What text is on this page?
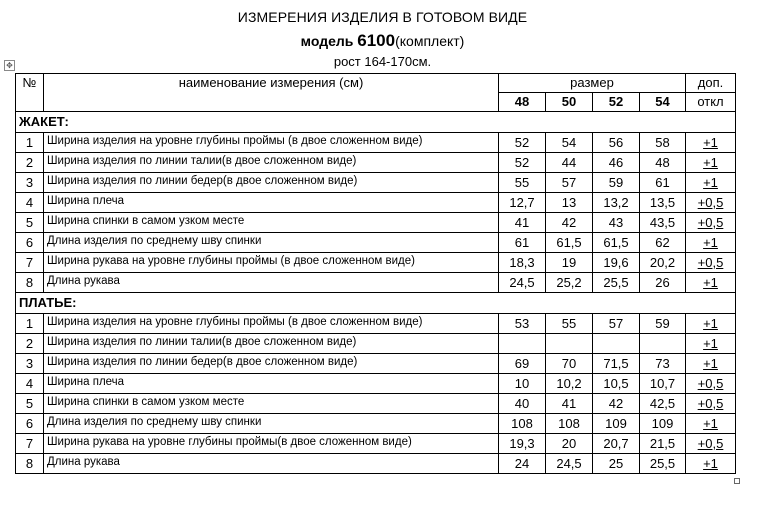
ИЗМЕРЕНИЯ ИЗДЕЛИЯ В ГОТОВОМ ВИДЕ
модель 6100(комплект)
рост 164-170см.
✥
№	наименование измерения (см)	размер				доп.
		48	50	52	54	откл
ЖАКЕТ:						
1	Ширина изделия на уровне глубины проймы (в двое сложенном виде)	52	54	56	58	+1
2	Ширина изделия по линии талии(в двое сложенном виде)	52	44	46	48	+1
3	Ширина изделия по линии бедер(в двое сложенном виде)	55	57	59	61	+1
4	Ширина плеча	12,7	13	13,2	13,5	+0,5
5	Ширина спинки в самом узком месте	41	42	43	43,5	+0,5
6	Длина изделия по среднему шву спинки	61	61,5	61,5	62	+1
7	Ширина рукава на уровне глубины проймы (в двое сложенном виде)	18,3	19	19,6	20,2	+0,5
8	Длина рукава	24,5	25,2	25,5	26	+1
ПЛАТЬЕ:						
1	Ширина изделия на уровне глубины проймы (в двое сложенном виде)	53	55	57	59	+1
2	Ширина изделия по линии талии(в двое сложенном виде)					+1
3	Ширина изделия по линии бедер(в двое сложенном виде)	69	70	71,5	73	+1
4	Ширина плеча	10	10,2	10,5	10,7	+0,5
5	Ширина спинки в самом узком месте	40	41	42	42,5	+0,5
6	Длина изделия по среднему шву спинки	108	108	109	109	+1
7	Ширина рукава на уровне глубины проймы(в двое сложенном виде)	19,3	20	20,7	21,5	+0,5
8	Длина рукава	24	24,5	25	25,5	+1
